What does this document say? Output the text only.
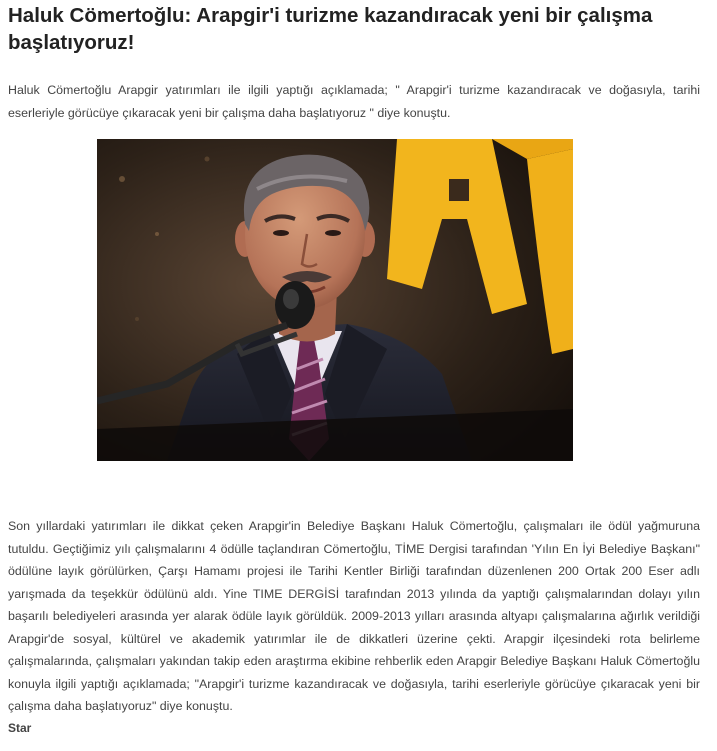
Haluk Cömertoğlu: Arapgir'i turizme kazandıracak yeni bir çalışma başlatıyoruz!

Haluk Cömertoğlu Arapgir yatırımları ile ilgili yaptığı açıklamada; " Arapgir'i turizme kazandıracak ve doğasıyla, tarihi eserleriyle görücüye çıkaracak yeni bir çalışma daha başlatıyoruz " diye konuştu.

Son yıllardaki yatırımları ile dikkat çeken Arapgir'in Belediye Başkanı Haluk Cömertoğlu, çalışmaları ile ödül yağmuruna tutuldu. Geçtiğimiz yılı çalışmalarını 4 ödülle taçlandıran Cömertoğlu, TİME Dergisi tarafından 'Yılın En İyi Belediye Başkanı" ödülüne layık görülürken, Çarşı Hamamı projesi ile Tarihi Kentler Birliği tarafından düzenlenen 200 Ortak 200 Eser adlı yarışmada da teşekkür ödülünü aldı. Yine TIME DERGİSİ tarafından 2013 yılında da yaptığı çalışmalarından dolayı yılın başarılı belediyeleri arasında yer alarak ödüle layık görüldük. 2009-2013 yılları arasında altyapı çalışmalarına ağırlık verildiği Arapgir'de sosyal, kültürel ve akademik yatırımlar ile de dikkatleri üzerine çekti. Arapgir ilçesindeki rota belirleme çalışmalarında, çalışmaları yakından takip eden araştırma ekibine rehberlik eden Arapgir Belediye Başkanı Haluk Cömertoğlu konuyla ilgili yaptığı açıklamada; "Arapgir'i turizme kazandıracak ve doğasıyla, tarihi eserleriyle görücüye çıkaracak yeni bir çalışma daha başlatıyoruz" diye konuştu.

Star
